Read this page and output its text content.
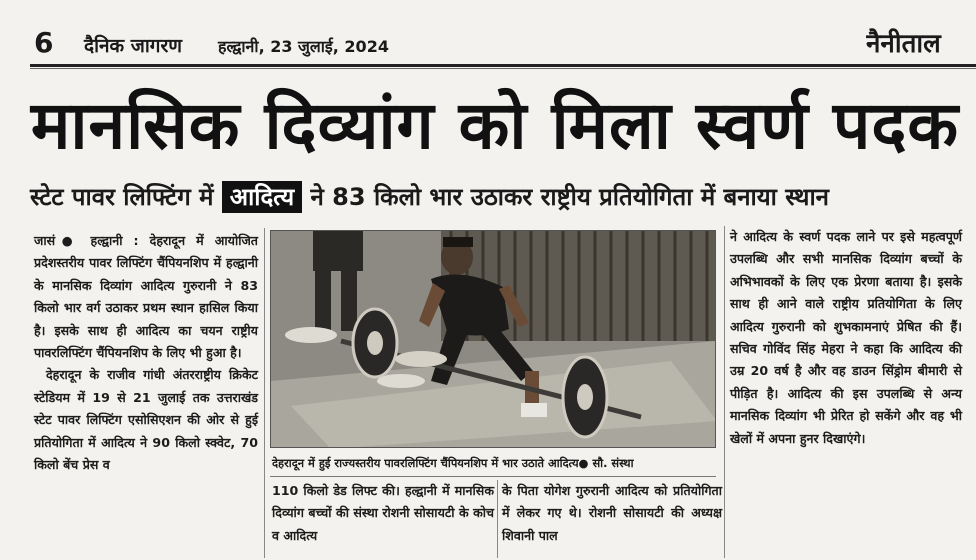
6 दैनिक जागरण हल्द्वानी, 23 जुलाई, 2024	नैनीताल
मानसिक दिव्यांग को मिला स्वर्ण पदक
स्टेट पावर लिफ्टिंग में आदित्य ने 83 किलो भार उठाकर राष्ट्रीय प्रतियोगिता में बनाया स्थान

जासं● हल्द्वानी : देहरादून में आयोजित प्रदेशस्तरीय पावर लिफ्टिंग चैंपियनशिप में हल्द्वानी के मानसिक दिव्यांग आदित्य गुरुरानी ने 83 किलो भार वर्ग उठाकर प्रथम स्थान हासिल किया है। इसके साथ ही आदित्य का चयन राष्ट्रीय पावरलिफ्टिंग चैंपियनशिप के लिए भी हुआ है।

देहरादून के राजीव गांधी अंतरराष्ट्रीय क्रिकेट स्टेडियम में 19 से 21 जुलाई तक उत्तराखंड स्टेट पावर लिफ्टिंग एसोसिएशन की ओर से हुई प्रतियोगिता में आदित्य ने 90 किलो स्क्वेट, 70 किलो बेंच प्रेस व	देहरादून में हुई राज्यस्तरीय पावरलिफ्टिंग चैंपियनशिप में भार उठाते आदित्य● सौ. संस्था

110 किलो डेड लिफ्ट की। हल्द्वानी में मानसिक दिव्यांग बच्चों की संस्था रोशनी सोसायटी के कोच व आदित्य

के पिता योगेश गुरुरानी आदित्य को प्रतियोगिता में लेकर गए थे। रोशनी सोसायटी की अध्यक्ष शिवानी पाल

ने आदित्य के स्वर्ण पदक लाने पर इसे महत्वपूर्ण उपलब्धि और सभी मानसिक दिव्यांग बच्चों के अभिभावकों के लिए एक प्रेरणा बताया है। इसके साथ ही आने वाले राष्ट्रीय प्रतियोगिता के लिए आदित्य गुरुरानी को शुभकामनाएं प्रेषित की हैं। सचिव गोविंद सिंह मेहरा ने कहा कि आदित्य की उम्र 20 वर्ष है और वह डाउन सिंड्रोम बीमारी से पीड़ित है। आदित्य की इस उपलब्धि से अन्य मानसिक दिव्यांग भी प्रेरित हो सकेंगे और वह भी खेलों में अपना हुनर दिखाएंगे।
